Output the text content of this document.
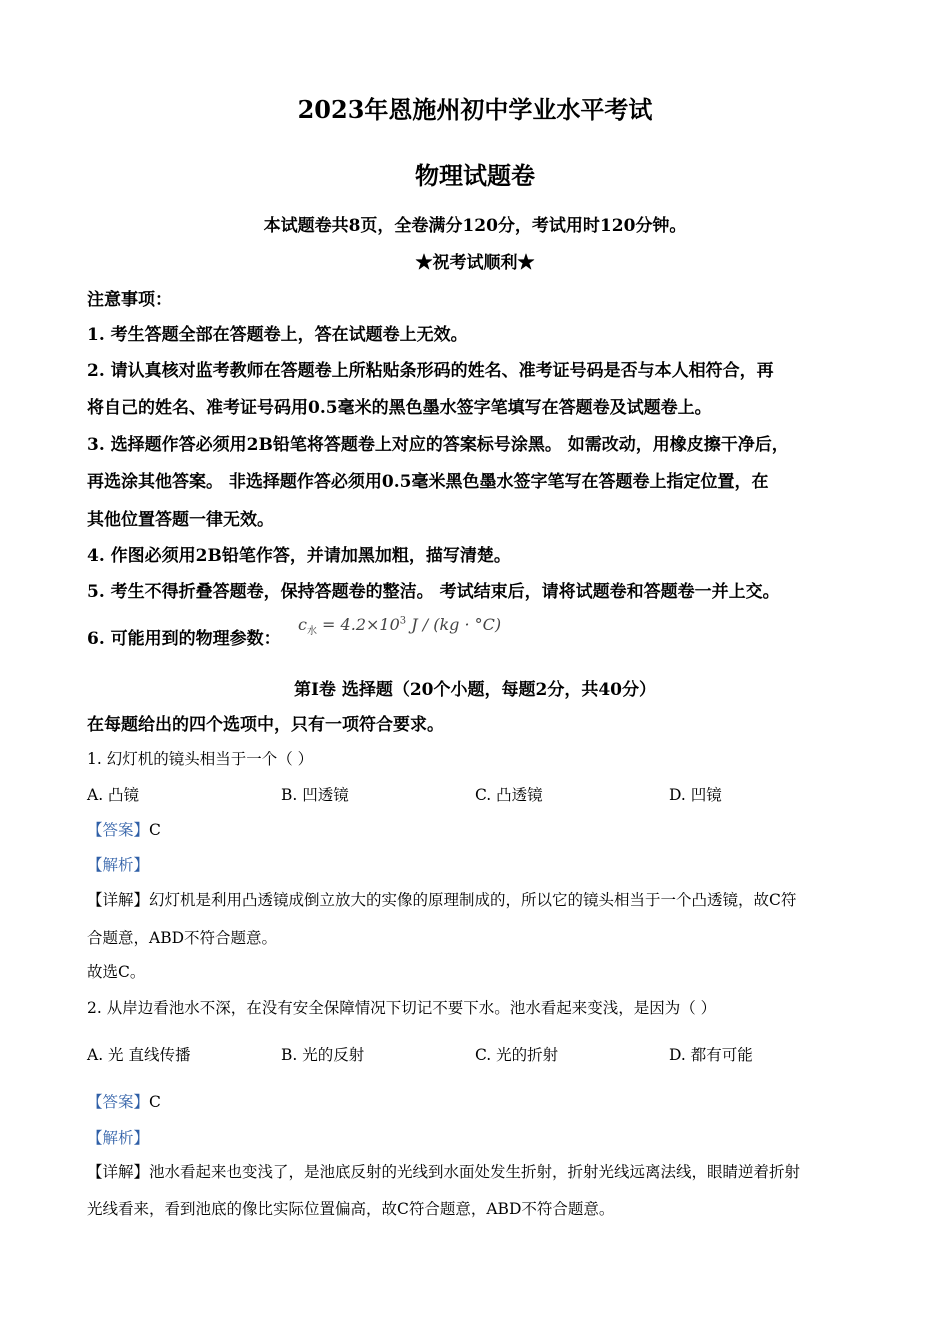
2023年恩施州初中学业水平考试
物理试题卷
本试题卷共8页，全卷满分120分，考试用时120分钟。
★祝考试顺利★
注意事项：
1. 考生答题全部在答题卷上，答在试题卷上无效。
2. 请认真核对监考教师在答题卷上所粘贴条形码的姓名、准考证号码是否与本人相符合，再
将自己的姓名、准考证号码用0.5毫米的黑色墨水签字笔填写在答题卷及试题卷上。
3. 选择题作答必须用2B铅笔将答题卷上对应的答案标号涂黑。 如需改动，用橡皮擦干净后，
再选涂其他答案。 非选择题作答必须用0.5毫米黑色墨水签字笔写在答题卷上指定位置，在
其他位置答题一律无效。
4. 作图必须用2B铅笔作答，并请加黑加粗，描写清楚。
5. 考生不得折叠答题卷，保持答题卷的整洁。 考试结束后，请将试题卷和答题卷一并上交。
6. 可能用到的物理参数：
$c_水 = 4.2\times 10^3$ J / (kg · °C)
第Ⅰ卷 选择题（20个小题，每题2分，共40分）
在每题给出的四个选项中，只有一项符合要求。
1. 幻灯机的镜头相当于一个（ ）
A. 凸镜	B. 凹透镜	C. 凸透镜	D. 凹镜
【答案】C
【解析】
【详解】幻灯机是利用凸透镜成倒立放大的实像的原理制成的，所以它的镜头相当于一个凸透镜，故C符
合题意，ABD不符合题意。
故选C。
2. 从岸边看池水不深，在没有安全保障情况下切记不要下水。池水看起来变浅，是因为（ ）
A. 光 直线传播	B. 光的反射	C. 光的折射	D. 都有可能
【答案】C
【解析】
【详解】池水看起来也变浅了，是池底反射的光线到水面处发生折射，折射光线远离法线，眼睛逆着折射
光线看来，看到池底的像比实际位置偏高，故C符合题意，ABD不符合题意。
